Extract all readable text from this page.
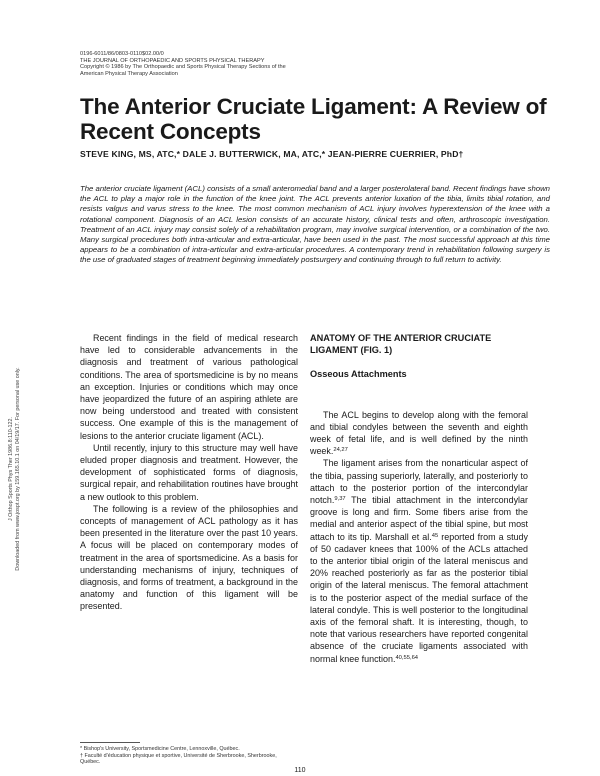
0196-6011/86/0803-0110$02.00/0
THE JOURNAL OF ORTHOPAEDIC AND SPORTS PHYSICAL THERAPY
Copyright © 1986 by The Orthopaedic and Sports Physical Therapy Sections of the
American Physical Therapy Association
The Anterior Cruciate Ligament: A Review of Recent Concepts
STEVE KING, MS, ATC,* DALE J. BUTTERWICK, MA, ATC,* JEAN-PIERRE CUERRIER, PhD†
The anterior cruciate ligament (ACL) consists of a small anteromedial band and a larger posterolateral band. Recent findings have shown the ACL to play a major role in the function of the knee joint. The ACL prevents anterior luxation of the tibia, limits tibial rotation, and resists valgus and varus stress to the knee. The most common mechanism of ACL injury involves hyperextension of the knee with a rotational component. Diagnosis of an ACL lesion consists of an accurate history, clinical tests and often, arthroscopic investigation. Treatment of an ACL injury may consist solely of a rehabilitation program, may involve surgical intervention, or a combination of the two. Many surgical procedures both intra-articular and extra-articular, have been used in the past. The most successful approach at this time appears to be a combination of intra-articular and extra-articular procedures. A contemporary trend in rehabilitation following surgery is the use of graduated stages of treatment beginning immediately postsurgery and continuing through to full return to activity.
J Orthop Sports Phys Ther 1986.8:110-122. Downloaded from www.jospt.org by 159.165.10.1 on 04/19/17. For personal use only.

Recent findings in the field of medical research have led to considerable advancements in the diagnosis and treatment of various pathological conditions. The area of sportsmedicine is by no means an exception. Injuries or conditions which may once have jeopardized the future of an aspiring athlete are now being understood and treated with consistent success. One example of this is the management of lesions to the anterior cruciate ligament (ACL).

Until recently, injury to this structure may well have eluded proper diagnosis and treatment. However, the development of sophisticated forms of diagnosis, surgical repair, and rehabilitation routines have brought a new outlook to this problem.

The following is a review of the philosophies and concepts of management of ACL pathology as it has been presented in the literature over the past 10 years. A focus will be placed on contemporary modes of treatment in the area of sportsmedicine. As a basis for understanding mechanisms of injury, techniques of diagnosis, and forms of treatment, a background in the anatomy and function of this ligament will be presented.

ANATOMY OF THE ANTERIOR CRUCIATE LIGAMENT (FIG. 1)
Osseous Attachments

The ACL begins to develop along with the femoral and tibial condyles between the seventh and eighth week of fetal life, and is well defined by the ninth week.$^{24,27}$

The ligament arises from the nonarticular aspect of the tibia, passing superiorly, laterally, and posteriorly to attach to the posterior portion of the intercondylar notch.$^{9,37}$ The tibial attachment in the intercondylar groove is long and firm. Some fibers arise from the medial and anterior aspect of the tibial spine, but most attach to its tip. Marshall et al.$^{45}$ reported from a study of 50 cadaver knees that 100% of the ACLs attached to the anterior tibial origin of the lateral meniscus and 20% reached posteriorly as far as the posterior tibial origin of the lateral meniscus. The femoral attachment is to the posterior aspect of the medial surface of the lateral condyle. This is well posterior to the longitudinal axis of the femoral shaft. It is interesting, though, to note that various researchers have reported congenital absence of the cruciate ligaments associated with normal knee function.$^{40,55,64}$

* Bishop's University, Sportsmedicine Centre, Lennoxville, Québec.
† Faculté d'éducation physique et sportive, Université de Sherbrooke, Sherbrooke, Québec.
110
